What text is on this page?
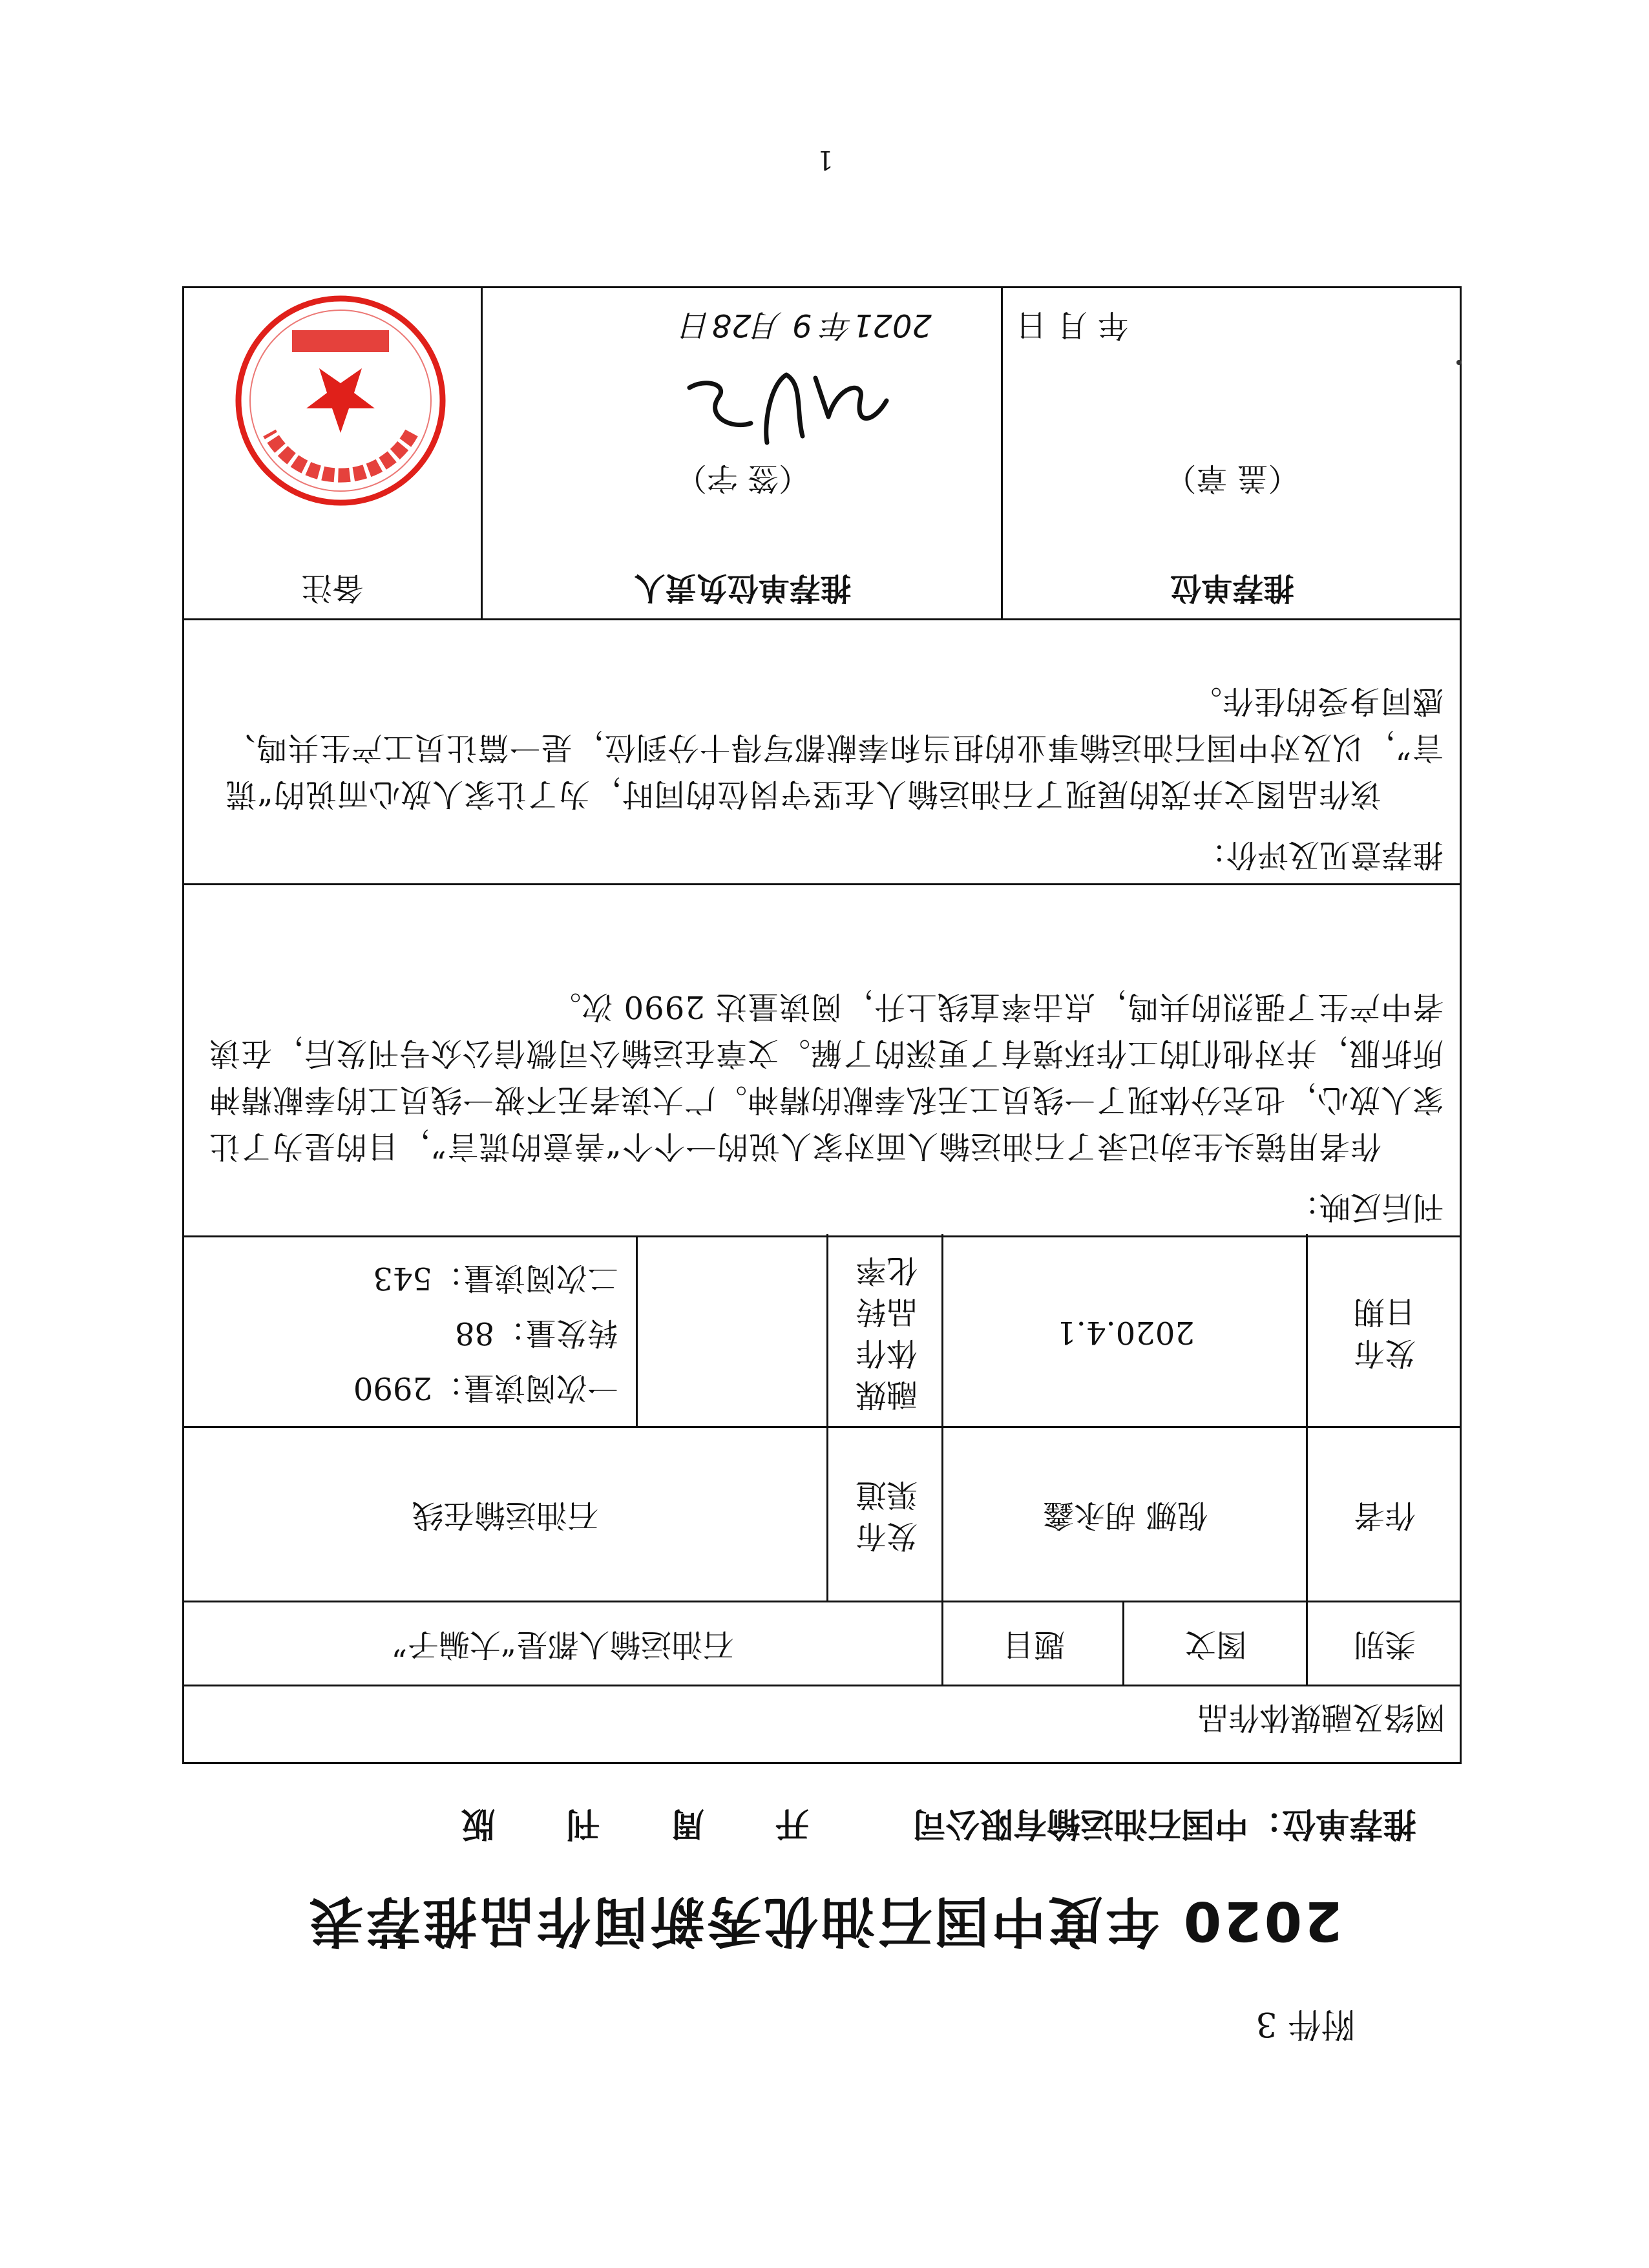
附件 3
2020 年度中国石油优秀新闻作品推荐表
推荐单位：中国石油运输有限公司
开周刊版
网络及融媒体作品
类别
图文
题目
石油运输人都是“大骗子”
作者
倪娜 胡永鑫
发布渠道
石油运输在线
发布日期
2020.4.1
融媒体作品转化率
一次阅读量：2990
转发量：88
二次阅读量：543
刊后反映：
作者用镜头生动记录了石油运输人面对家人说的一个个“善意的谎言”，目的是为了让家人放心，也充分体现了一线员工无私奉献的精神。广大读者无不被一线员工的奉献精神所折服，并对他们的工作环境有了更深的了解。文章在运输公司微信公众号刊发后，在读者中产生了强烈的共鸣，点击率直线上升，阅读量达 2990 次。
推荐意见及评价：
该作品图文并茂的展现了石油运输人在坚守岗位的同时，为了让家人放心而说的“谎言”，以及对中国石油运输事业的担当和奉献都写得十分到位，是一篇让员工产生共鸣、感同身受的佳作。
推荐单位
（盖 章）
年 月 日
推荐单位负责人
（签 字）
2021年 9 月28日
备注
1
